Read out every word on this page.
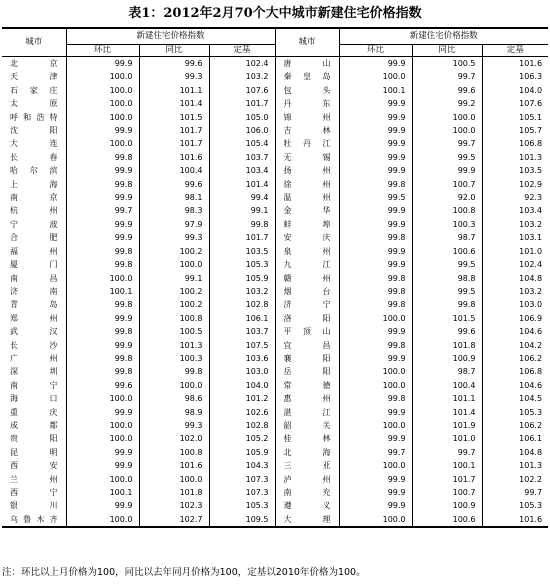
表1：2012年2月70个大中城市新建住宅价格指数
城市	新建住宅价格指数			城市	新建住宅价格指数		
	环比	同比	定基		环比	同比	定基
北　京	99.9	99.6	102.4	唐　山	99.9	100.5	101.6
天　津	100.0	99.3	103.2	秦皇岛	100.0	99.7	106.3
石家庄	100.0	101.1	107.6	包　头	100.1	99.6	104.0
太　原	100.0	101.4	101.7	丹　东	99.9	99.2	107.6
呼和浩特	100.0	101.5	105.0	锦　州	99.9	100.0	105.1
沈　阳	99.9	101.7	106.0	吉　林	99.9	100.0	105.7
大　连	100.0	101.7	105.4	牡丹江	99.9	99.7	106.8
长　春	99.8	101.6	103.7	无　锡	99.9	99.5	101.3
哈尔滨	99.9	100.4	103.4	扬　州	99.9	99.9	103.5
上　海	99.8	99.6	101.4	徐　州	99.8	100.7	102.9
南　京	99.9	98.1	99.4	温　州	99.5	92.0	92.3
杭　州	99.7	98.3	99.1	金　华	99.9	100.8	103.4
宁　波	99.9	97.9	99.8	蚌　埠	99.9	100.3	103.2
合　肥	99.9	99.3	101.7	安　庆	99.8	98.7	103.1
福　州	99.8	100.2	103.5	泉　州	99.9	100.6	101.0
厦　门	99.8	100.0	105.3	九　江	99.9	99.5	102.4
南　昌	100.0	99.1	105.9	赣　州	99.8	98.8	104.8
济　南	100.1	100.2	103.2	烟　台	99.8	99.5	103.2
青　岛	99.8	100.2	102.8	济　宁	99.8	99.8	103.0
郑　州	99.9	100.8	106.1	洛　阳	100.0	101.5	106.9
武　汉	99.8	100.5	103.7	平顶山	99.9	99.6	104.6
长　沙	99.9	101.3	107.5	宜　昌	99.8	101.8	104.2
广　州	99.8	100.3	103.6	襄　阳	99.9	100.9	106.2
深　圳	99.8	99.8	103.0	岳　阳	100.0	98.7	106.8
南　宁	99.6	100.0	104.0	常　德	100.0	100.4	104.6
海　口	100.0	98.6	101.2	惠　州	99.8	101.1	104.5
重　庆	99.9	98.9	102.6	湛　江	99.9	101.4	105.3
成　都	100.0	99.3	102.8	韶　关	100.0	101.9	106.2
贵　阳	100.0	102.0	105.2	桂　林	99.9	101.0	106.1
昆　明	99.9	100.8	105.9	北　海	99.7	99.7	104.8
西　安	99.9	101.6	104.3	三　亚	100.0	100.1	101.3
兰　州	100.0	100.0	107.3	泸　州	99.9	101.7	102.2
西　宁	100.1	101.8	107.3	南　充	99.9	100.7	99.7
银　川	99.9	102.3	105.3	遵　义	99.9	100.9	105.3
乌鲁木齐	100.0	102.7	109.5	大　理	100.0	100.6	101.6
注：环比以上月价格为100，同比以去年同月价格为100，定基以2010年价格为100。
